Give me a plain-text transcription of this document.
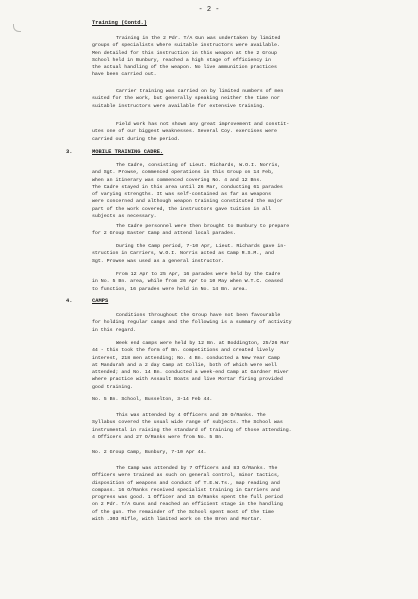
- 2 -
Training (Contd.)
Training in the 2 Pdr. T/A Gun was undertaken by limited
groups of specialists where suitable instructors were available.
Men detailed for this instruction in this weapon at the 2 Group
School held in Bunbury, reached a high stage of efficiency in
the actual handling of the weapon. No live ammunition practices
have been carried out.
Carrier training was carried on by limited numbers of men
suited for the work, but generally speaking neither the time nor
suitable instructors were available for extensive training.
Field work has not shown any great improvement and constit-
utes one of our biggest weaknesses. Several Coy. exercises were
carried out during the period.
3.	MOBILE TRAINING CADRE.
The Cadre, consisting of Lieut. Richards, W.O.I. Norris,
and Sgt. Prowse, commenced operations in this Group on 14 Feb,
when an itinerary was commenced covering No. 4 and 12 Bns.
The Cadre stayed in this area until 26 Mar, conducting 61 parades
of varying strengths. It was self-contained as far as weapons
were concerned and although weapon training constituted the major
part of the work covered, the instructors gave tuition in all
subjects as necessary.
The Cadre personnel were then brought to Bunbury to prepare
for 2 Group Easter Camp and attend local parades.
During the Camp period, 7-10 Apr, Lieut. Richards gave in-
struction in Carriers, W.O.I. Norris acted as Camp R.S.M., and
Sgt. Prowse was used as a general instructor.
From 12 Apr to 25 Apr, 16 parades were held by the Cadre
in No. 5 Bn. area, while from 26 Apr to 10 May when W.T.C. ceased
to function, 16 parades were held in No. 14 Bn. area.
4.	CAMPS
Conditions throughout the Group have not been favourable
for holding regular camps and the following is a summary of activity
in this regard.
Week end camps were held by 12 Bn. at Boddington, 25/26 Mar
44 - this took the form of Bn. competitions and created lively
interest, 218 men attending; No. 4 Bn. conducted a New Year Camp
at Mandurah and a 2 day Camp at Collie, both of which were well
attended; and No. 14 Bn. conducted a week-end Camp at Gardner River
where practice with Assault Boats and live Mortar firing provided
good training.
No. 5 Bn. School, Busselton, 3-14 Feb 44.
This was attended by 4 Officers and 39 O/Ranks. The
Syllabus covered the usual wide range of subjects. The School was
instrumental in raising the standard of training of those attending.
4 Officers and 27 O/Ranks were from No. 5 Bn.
No. 2 Group Camp, Bunbury, 7-10 Apr 44.
The Camp was attended by 7 Officers and 83 O/Ranks. The
Officers were trained as such on general control, minor tactics,
disposition of weapons and conduct of T.E.W.Ts., map reading and
compass. 16 O/Ranks received specialist training in Carriers and
progress was good. 1 Officer and 15 O/Ranks spent the full period
on 2 Pdr. T/A Guns and reached an efficient stage in the handling
of the gun. The remainder of the School spent most of the time
with .303 Rifle, with limited work on the Bren and Mortar.
